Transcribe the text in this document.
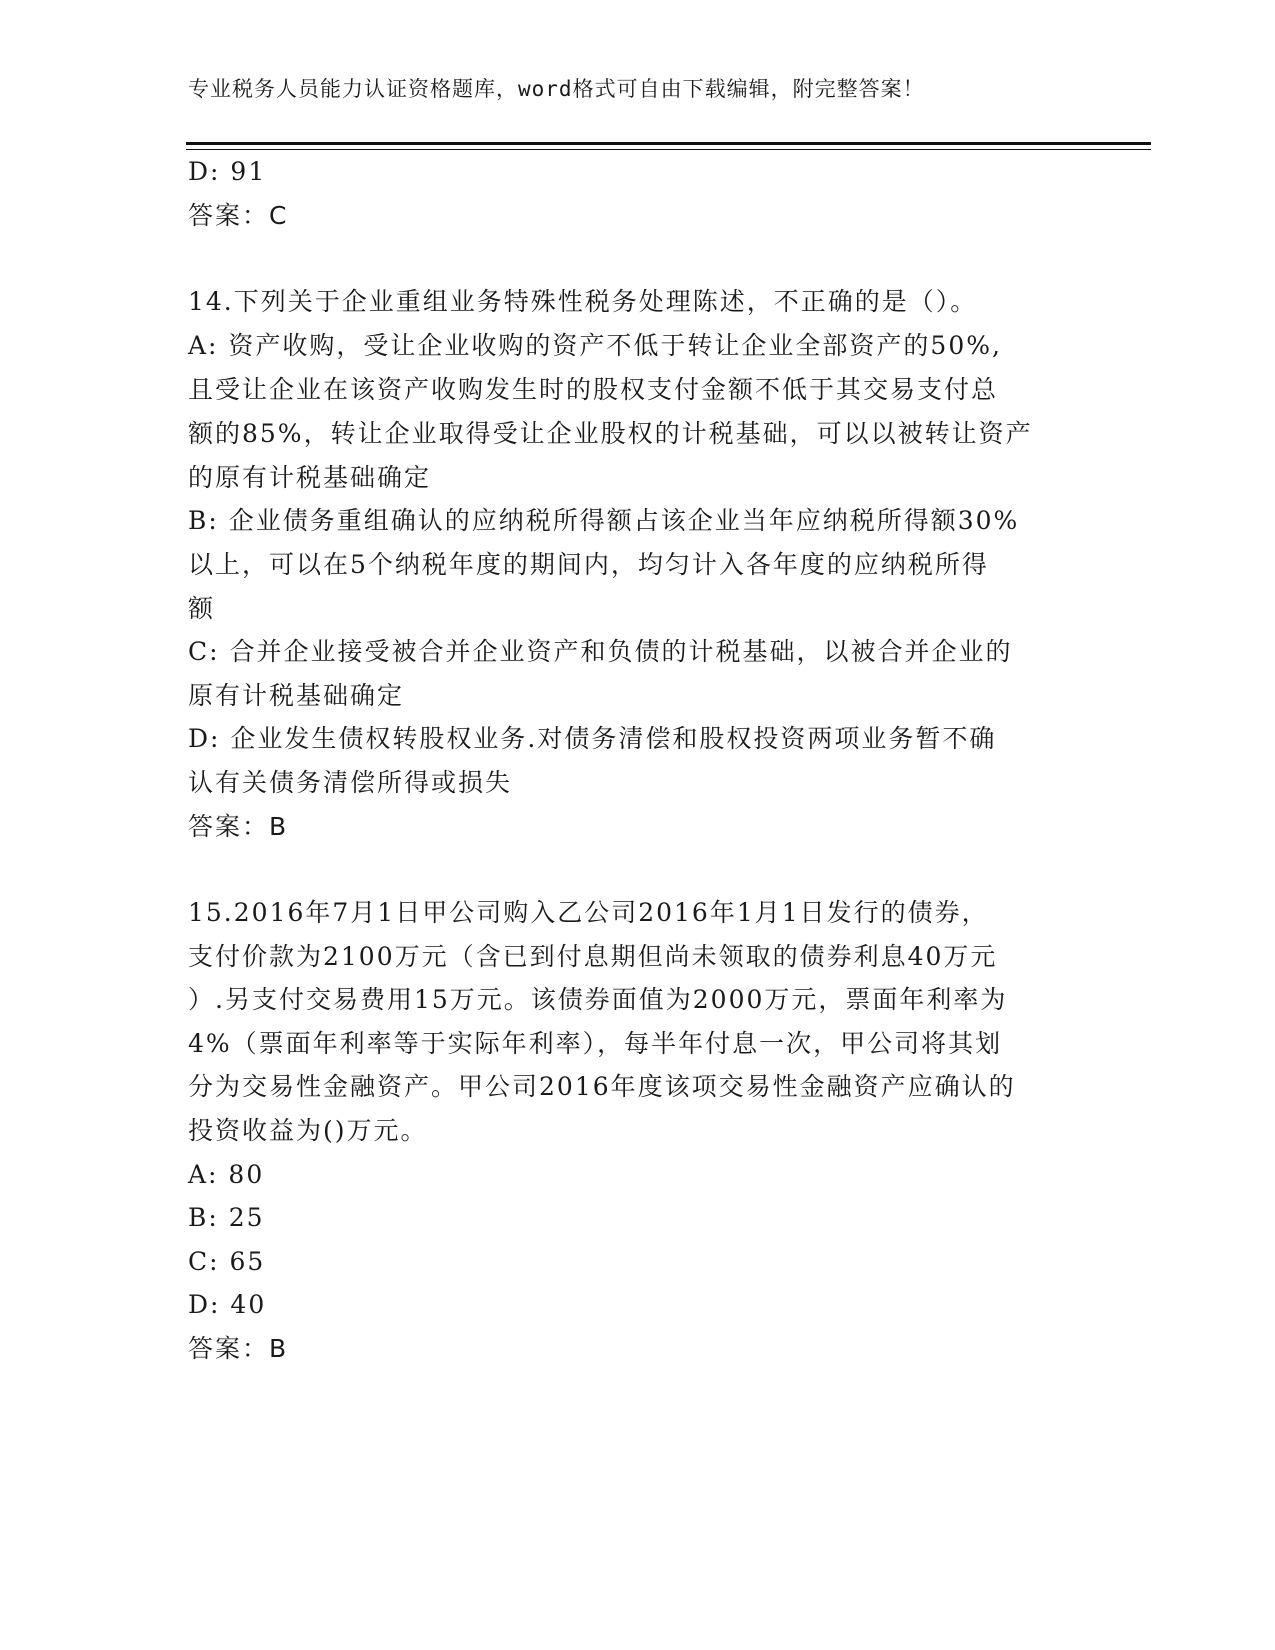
专业税务人员能力认证资格题库，word格式可自由下载编辑，附完整答案！
D: 91
答案：C
14.下列关于企业重组业务特殊性税务处理陈述，不正确的是（）。
A: 资产收购，受让企业收购的资产不低于转让企业全部资产的50%,
且受让企业在该资产收购发生时的股权支付金额不低于其交易支付总
额的85%，转让企业取得受让企业股权的计税基础，可以以被转让资产
的原有计税基础确定
B: 企业债务重组确认的应纳税所得额占该企业当年应纳税所得额30%
以上，可以在5个纳税年度的期间内，均匀计入各年度的应纳税所得
额
C: 合并企业接受被合并企业资产和负债的计税基础，以被合并企业的
原有计税基础确定
D: 企业发生债权转股权业务.对债务清偿和股权投资两项业务暂不确
认有关债务清偿所得或损失
答案：B
15.2016年7月1日甲公司购入乙公司2016年1月1日发行的债券，
支付价款为2100万元（含已到付息期但尚未领取的债券利息40万元
）.另支付交易费用15万元。该债券面值为2000万元，票面年利率为
4%（票面年利率等于实际年利率），每半年付息一次，甲公司将其划
分为交易性金融资产。甲公司2016年度该项交易性金融资产应确认的
投资收益为()万元。
A: 80
B: 25
C: 65
D: 40
答案：B
